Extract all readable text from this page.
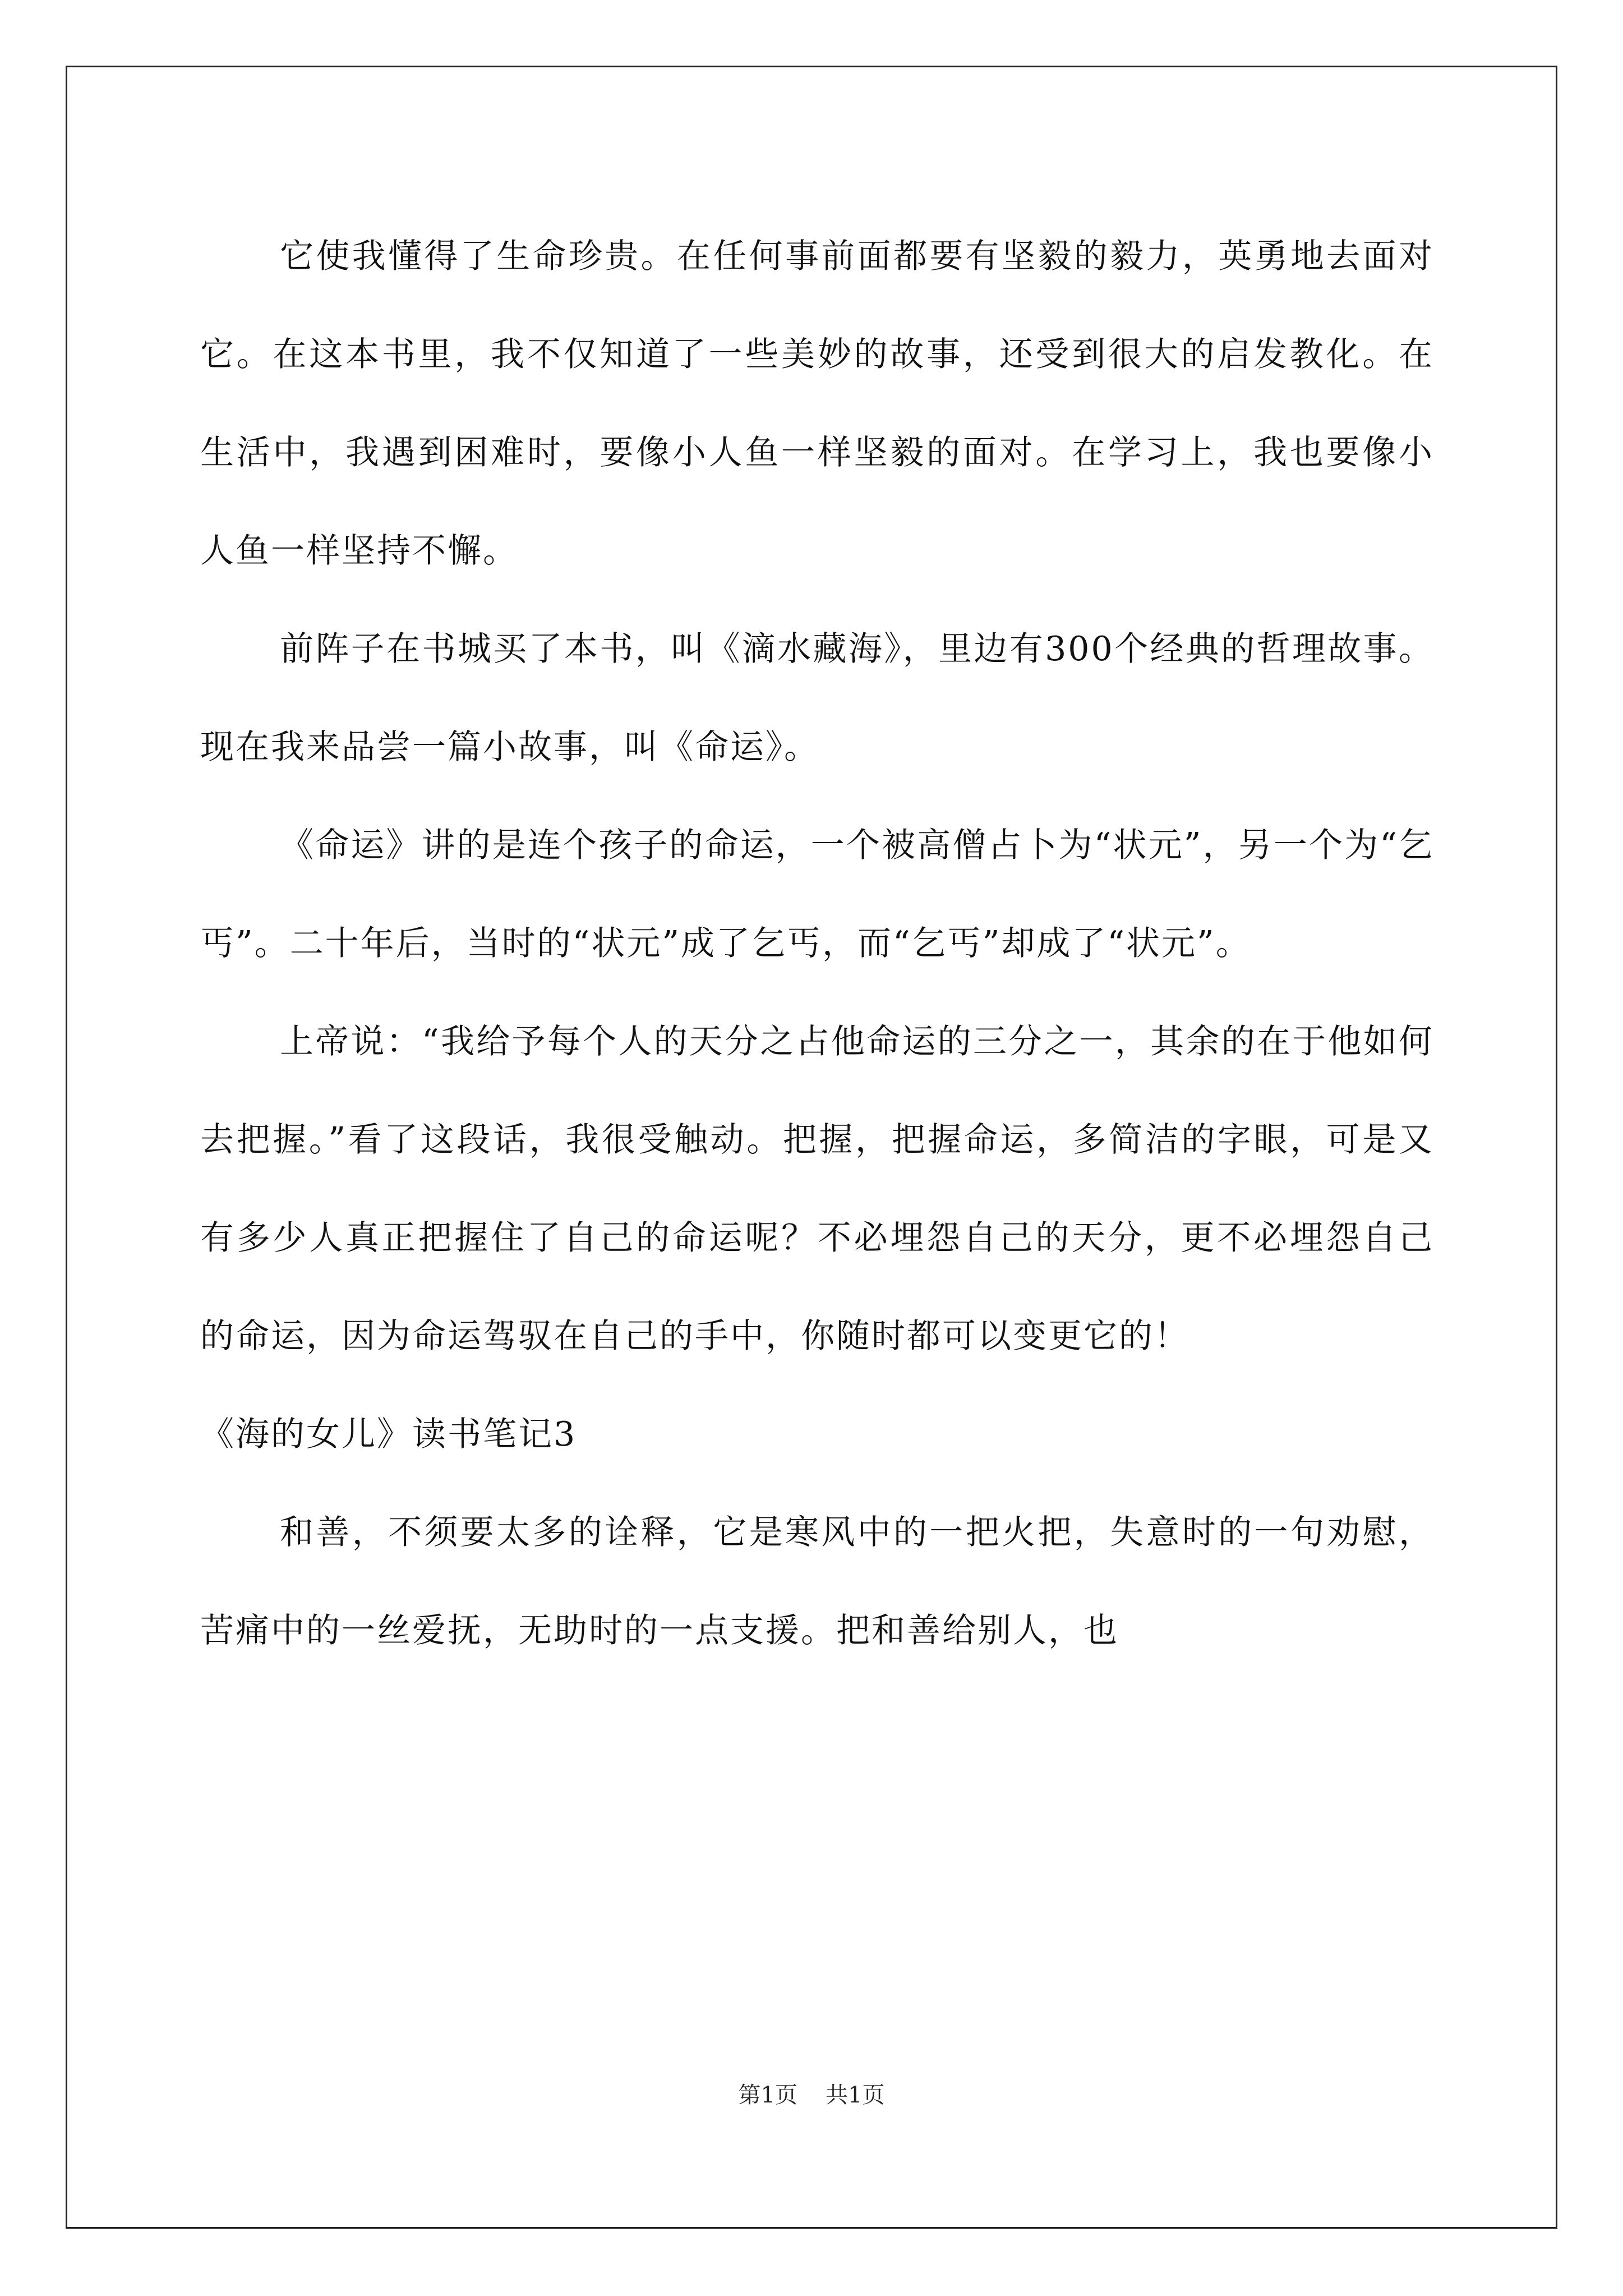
它使我懂得了生命珍贵。在任何事前面都要有坚毅的毅力，英勇地去面对它。在这本书里，我不仅知道了一些美妙的故事，还受到很大的启发教化。在生活中，我遇到困难时，要像小人鱼一样坚毅的面对。在学习上，我也要像小人鱼一样坚持不懈。

前阵子在书城买了本书，叫《滴水藏海》，里边有300个经典的哲理故事。现在我来品尝一篇小故事，叫《命运》。

《命运》讲的是连个孩子的命运，一个被高僧占卜为“状元”，另一个为“乞丐”。二十年后，当时的“状元”成了乞丐，而“乞丐”却成了“状元”。

上帝说：“我给予每个人的天分之占他命运的三分之一，其余的在于他如何去把握。”看了这段话，我很受触动。把握，把握命运，多简洁的字眼，可是又有多少人真正把握住了自己的命运呢？不必埋怨自己的天分，更不必埋怨自己的命运，因为命运驾驭在自己的手中，你随时都可以变更它的！

《海的女儿》读书笔记3

和善，不须要太多的诠释，它是寒风中的一把火把，失意时的一句劝慰，苦痛中的一丝爱抚，无助时的一点支援。把和善给别人，也

第1页 共1页
